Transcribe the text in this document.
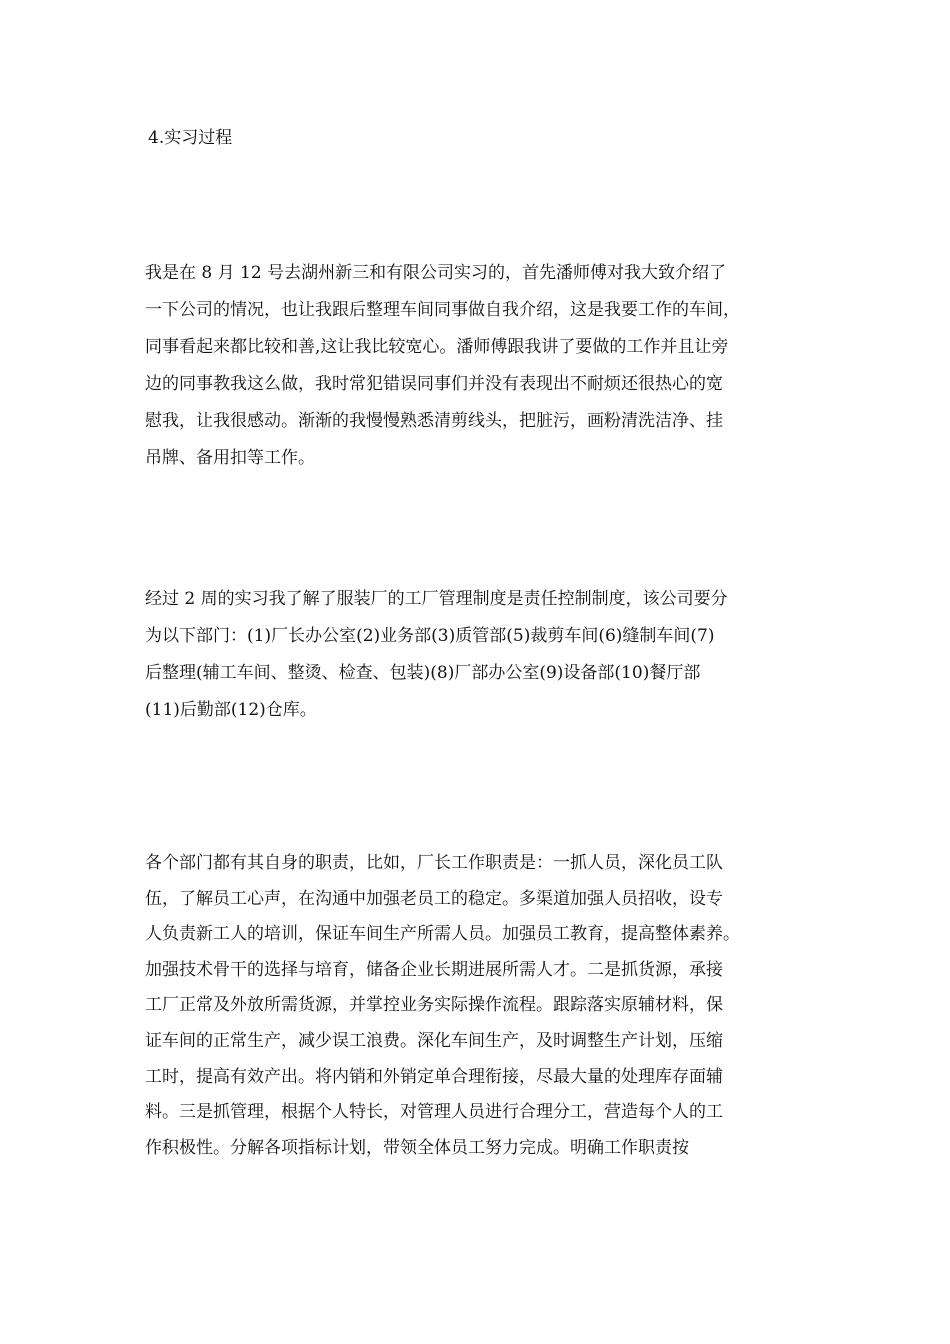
4.实习过程
我是在 8 月 12 号去湖州新三和有限公司实习的，首先潘师傅对我大致介绍了
一下公司的情况，也让我跟后整理车间同事做自我介绍，这是我要工作的车间，
同事看起来都比较和善,这让我比较宽心。潘师傅跟我讲了要做的工作并且让旁
边的同事教我这么做，我时常犯错误同事们并没有表现出不耐烦还很热心的宽
慰我，让我很感动。渐渐的我慢慢熟悉清剪线头，把脏污，画粉清洗洁净、挂
吊牌、备用扣等工作。
经过 2 周的实习我了解了服装厂的工厂管理制度是责任控制制度，该公司要分
为以下部门：(1)厂长办公室(2)业务部(3)质管部(5)裁剪车间(6)缝制车间(7)
后整理(辅工车间、整烫、检查、包装)(8)厂部办公室(9)设备部(10)餐厅部
(11)后勤部(12)仓库。
各个部门都有其自身的职责，比如，厂长工作职责是：一抓人员，深化员工队
伍，了解员工心声，在沟通中加强老员工的稳定。多渠道加强人员招收，设专
人负责新工人的培训，保证车间生产所需人员。加强员工教育，提高整体素养。
加强技术骨干的选择与培育，储备企业长期进展所需人才。二是抓货源，承接
工厂正常及外放所需货源，并掌控业务实际操作流程。跟踪落实原辅材料，保
证车间的正常生产，减少误工浪费。深化车间生产，及时调整生产计划，压缩
工时，提高有效产出。将内销和外销定单合理衔接，尽最大量的处理库存面辅
料。三是抓管理，根据个人特长，对管理人员进行合理分工，营造每个人的工
作积极性。分解各项指标计划，带领全体员工努力完成。明确工作职责按
